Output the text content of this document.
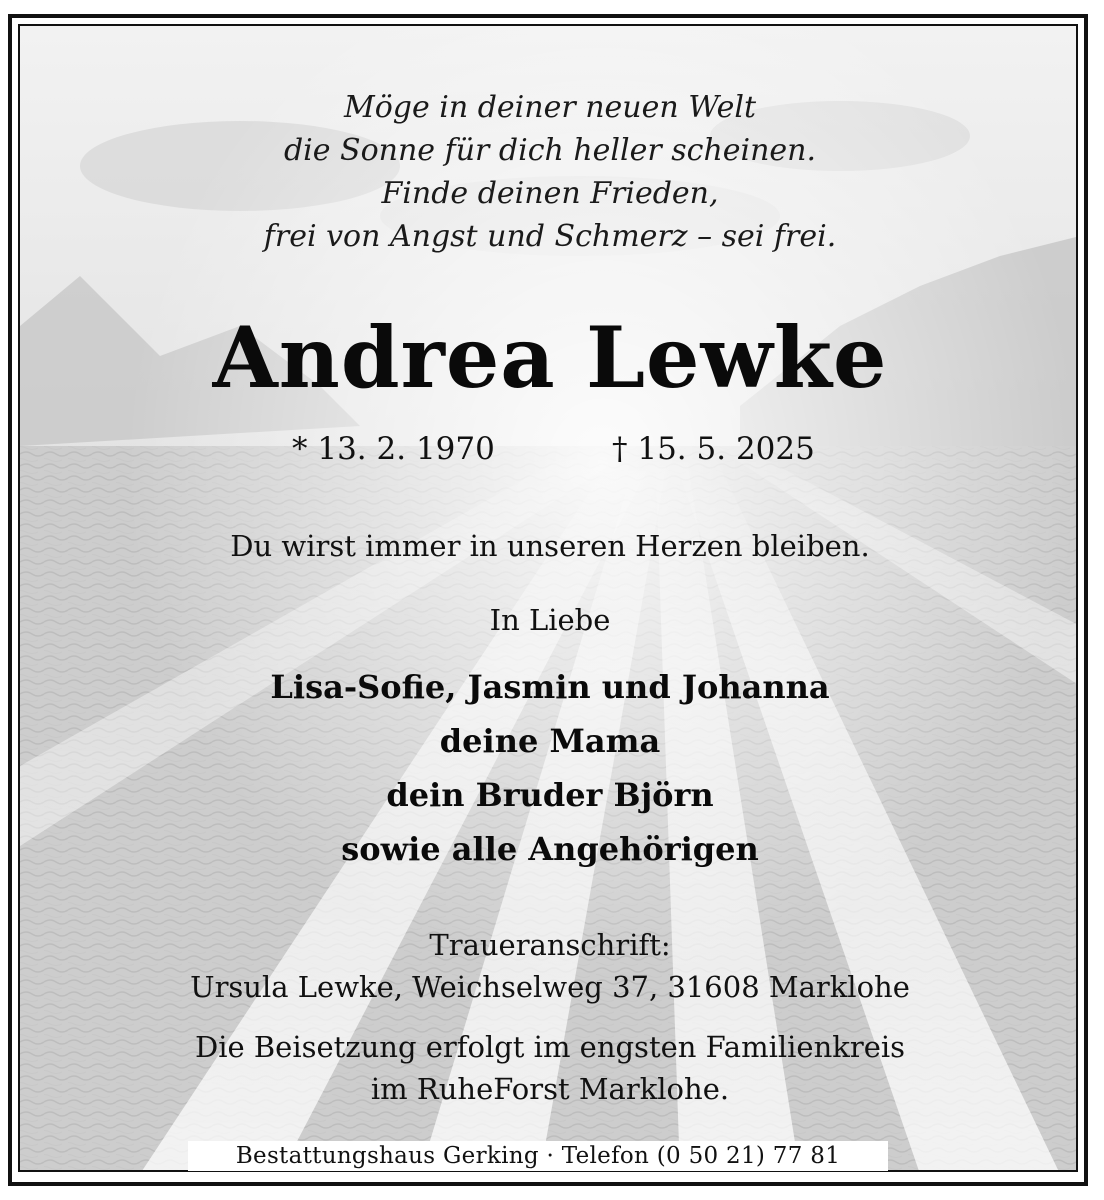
Möge in deiner neuen Welt
die Sonne für dich heller scheinen.
Finde deinen Frieden,
frei von Angst und Schmerz – sei frei.
Andrea Lewke
* 13. 2. 1970	† 15. 5. 2025
Du wirst immer in unseren Herzen bleiben.
In Liebe
Lisa-Sofie, Jasmin und Johanna
deine Mama
dein Bruder Björn
sowie alle Angehörigen
Traueranschrift:
Ursula Lewke, Weichselweg 37, 31608 Marklohe
Die Beisetzung erfolgt im engsten Familienkreis
im RuheForst Marklohe.
Bestattungshaus Gerking · Telefon (0 50 21) 77 81
